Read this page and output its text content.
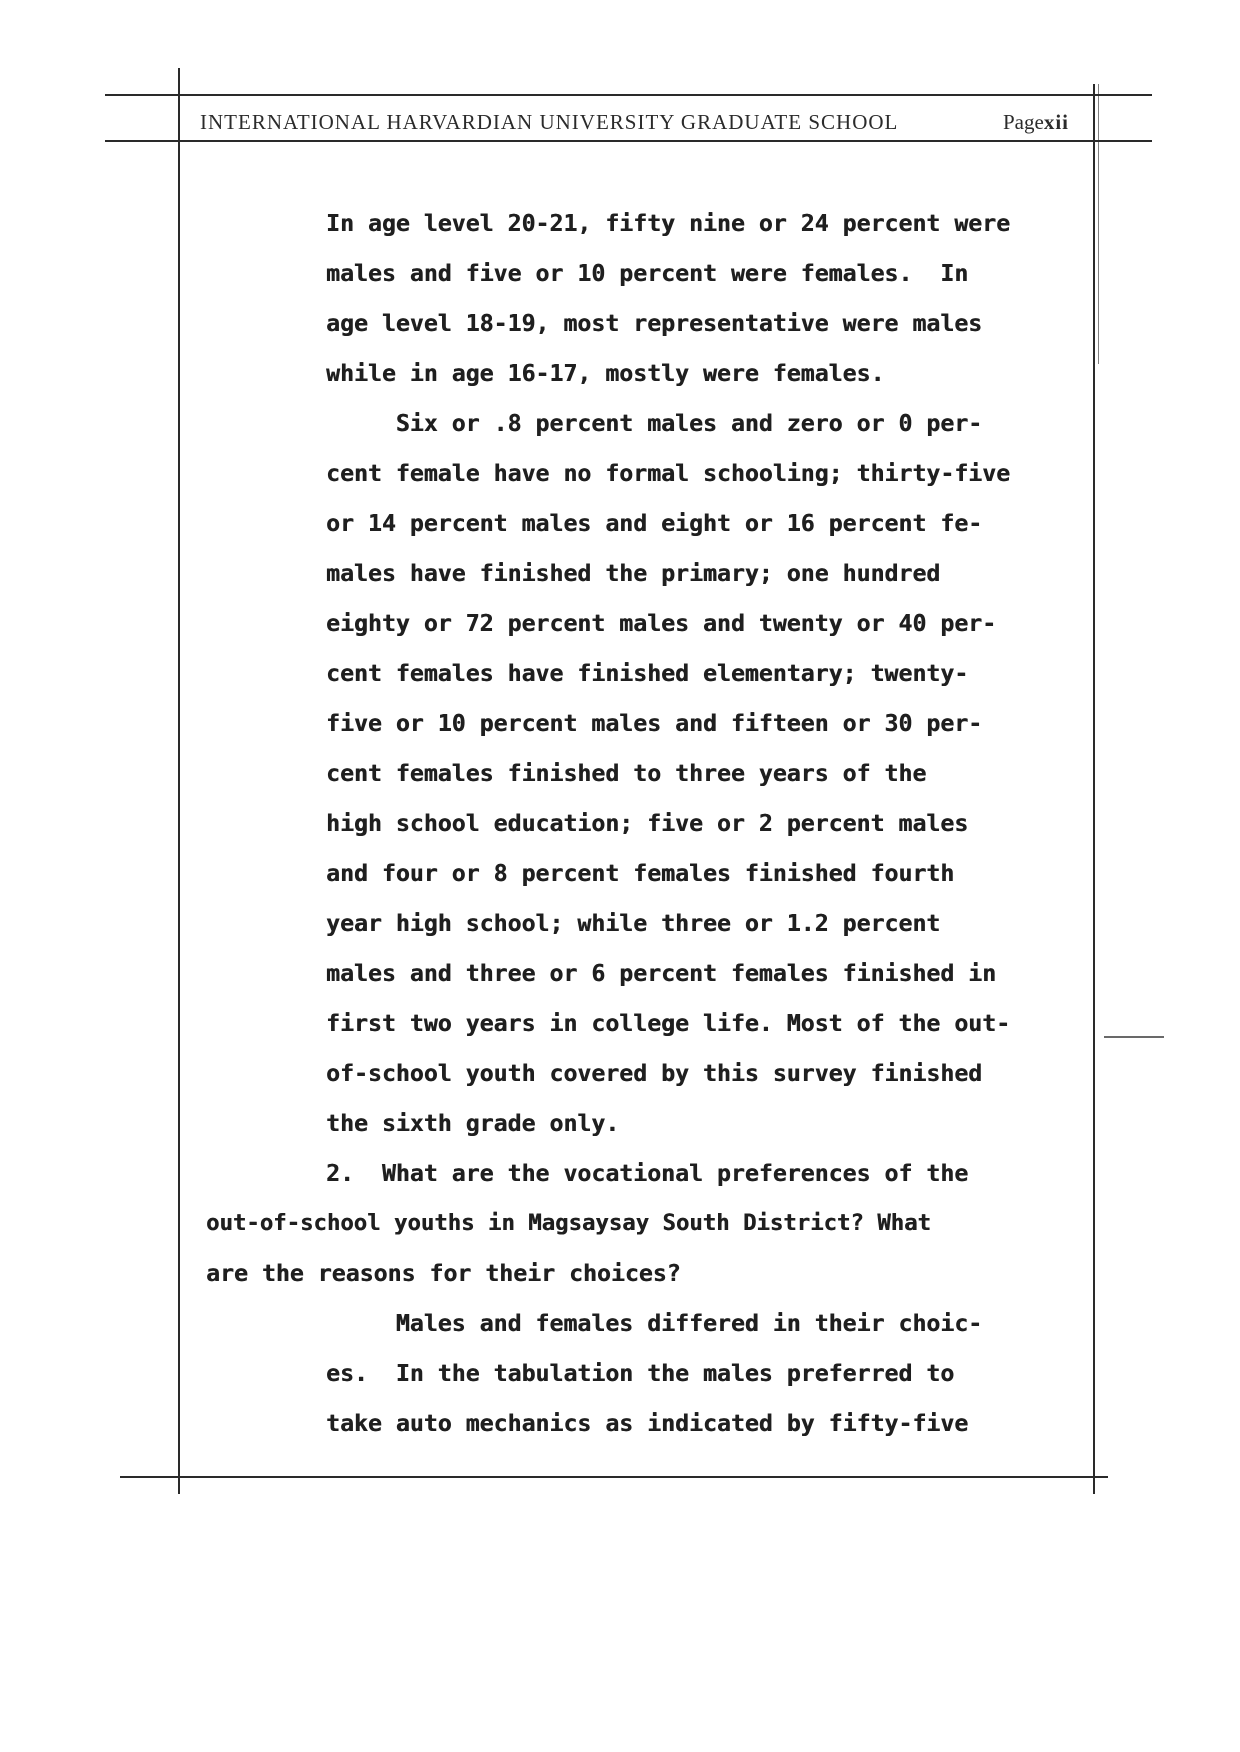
INTERNATIONAL HARVARDIAN UNIVERSITY GRADUATE SCHOOL	Pagexii
In age level 20-21, fifty nine or 24 percent were
males and five or 10 percent were females.  In
age level 18-19, most representative were males
while in age 16-17, mostly were females.
Six or .8 percent males and zero or 0 per-
cent female have no formal schooling; thirty-five
or 14 percent males and eight or 16 percent fe-
males have finished the primary; one hundred
eighty or 72 percent males and twenty or 40 per-
cent females have finished elementary; twenty-
five or 10 percent males and fifteen or 30 per-
cent females finished to three years of the
high school education; five or 2 percent males
and four or 8 percent females finished fourth
year high school; while three or 1.2 percent
males and three or 6 percent females finished in
first two years in college life. Most of the out-
of-school youth covered by this survey finished
the sixth grade only.
2.  What are the vocational preferences of the
out-of-school youths in Magsaysay South District? What
are the reasons for their choices?
Males and females differed in their choic-
es.  In the tabulation the males preferred to
take auto mechanics as indicated by fifty-five
